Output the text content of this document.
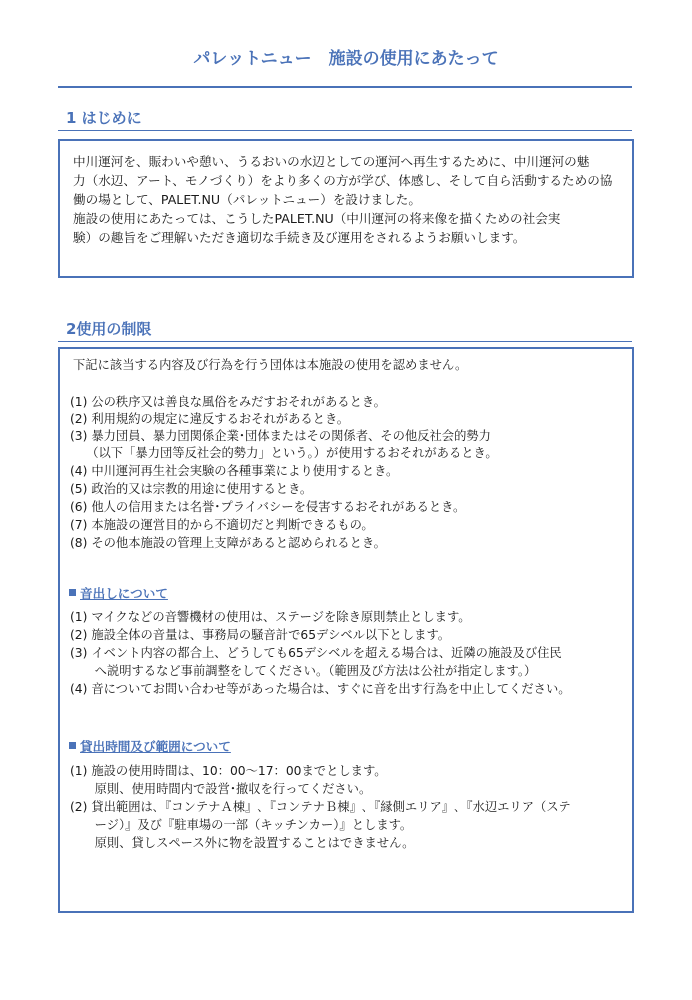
パレットニュー　施設の使用にあたって
1 はじめに
中川運河を、賑わいや憩い、うるおいの水辺としての運河へ再生するために、中川運河の魅
力（水辺、アート、モノづくり）をより多くの方が学び、体感し、そして自ら活動するための協
働の場として、PALET.NU（パレットニュー）を設けました。
施設の使用にあたっては、こうしたPALET.NU（中川運河の将来像を描くための社会実
験）の趣旨をご理解いただき適切な手続き及び運用をされるようお願いします。
2使用の制限
下記に該当する内容及び行為を行う団体は本施設の使用を認めません。
(1) 公の秩序又は善良な風俗をみだすおそれがあるとき。
(2) 利用規約の規定に違反するおそれがあるとき。
(3) 暴力団員、暴力団関係企業･団体またはその関係者、その他反社会的勢力
　 （以下「暴力団等反社会的勢力」という。）が使用するおそれがあるとき。
(4) 中川運河再生社会実験の各種事業により使用するとき。
(5) 政治的又は宗教的用途に使用するとき。
(6) 他人の信用または名誉･プライバシーを侵害するおそれがあるとき。
(7) 本施設の運営目的から不適切だと判断できるもの。
(8) その他本施設の管理上支障があると認められるとき。
音出しについて
(1) マイクなどの音響機材の使用は、ステージを除き原則禁止とします。
(2) 施設全体の音量は、事務局の騒音計で65デシベル以下とします。
(3) イベント内容の都合上、どうしても65デシベルを超える場合は、近隣の施設及び住民
　　へ説明するなど事前調整をしてください。（範囲及び方法は公社が指定します。）
(4) 音についてお問い合わせ等があった場合は、すぐに音を出す行為を中止してください。
貸出時間及び範囲について
(1) 施設の使用時間は、10：00～17：00までとします。
　　原則、使用時間内で設営･撤収を行ってください。
(2) 貸出範囲は､『コンテナＡ棟』､『コンテナＢ棟』､『縁側エリア』､『水辺エリア（ステ
　　ージ）』及び『駐車場の一部（キッチンカー）』とします。
　　原則、貸しスペース外に物を設置することはできません。
